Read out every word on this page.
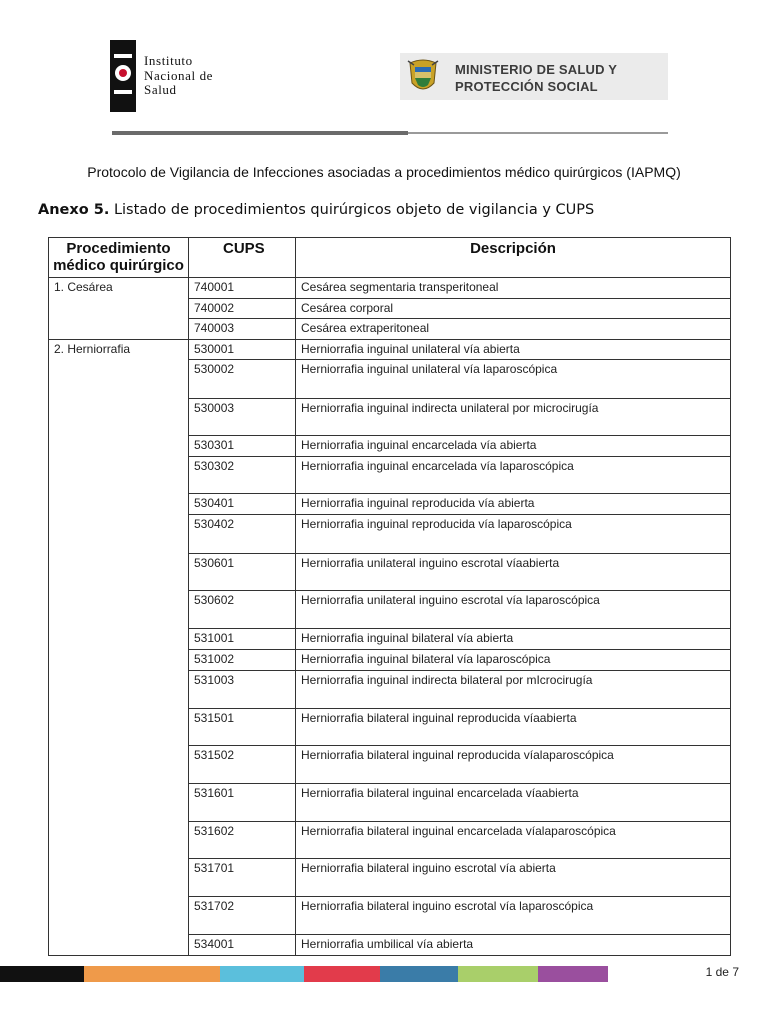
Instituto
Nacional de
Salud
MINISTERIO DE SALUD Y
PROTECCIÓN SOCIAL
Protocolo de Vigilancia de Infecciones asociadas a procedimientos médico quirúrgicos (IAPMQ)
Anexo 5. Listado de procedimientos quirúrgicos objeto de vigilancia y CUPS
Procedimiento médico quirúrgico	CUPS	Descripción
1. Cesárea	740001	Cesárea segmentaria transperitoneal
	740002	Cesárea corporal
	740003	Cesárea extraperitoneal
2. Herniorrafia	530001	Herniorrafia inguinal unilateral vía abierta
	530002	Herniorrafia inguinal unilateral vía laparoscópica
	530003	Herniorrafia inguinal indirecta unilateral por microcirugía
	530301	Herniorrafia inguinal encarcelada vía abierta
	530302	Herniorrafia inguinal encarcelada vía laparoscópica
	530401	Herniorrafia inguinal reproducida vía abierta
	530402	Herniorrafia inguinal reproducida vía laparoscópica
	530601	Herniorrafia unilateral inguino escrotal víaabierta
	530602	Herniorrafia unilateral inguino escrotal vía laparoscópica
	531001	Herniorrafia inguinal bilateral vía abierta
	531002	Herniorrafia inguinal bilateral vía laparoscópica
	531003	Herniorrafia inguinal indirecta bilateral por mIcrocirugía
	531501	Herniorrafia bilateral inguinal reproducida víaabierta
	531502	Herniorrafia bilateral inguinal reproducida víalaparoscópica
	531601	Herniorrafia bilateral inguinal encarcelada víaabierta
	531602	Herniorrafia bilateral inguinal encarcelada víalaparoscópica
	531701	Herniorrafia bilateral inguino escrotal vía abierta
	531702	Herniorrafia bilateral inguino escrotal vía laparoscópica
	534001	Herniorrafia umbilical vía abierta
1 de 7
